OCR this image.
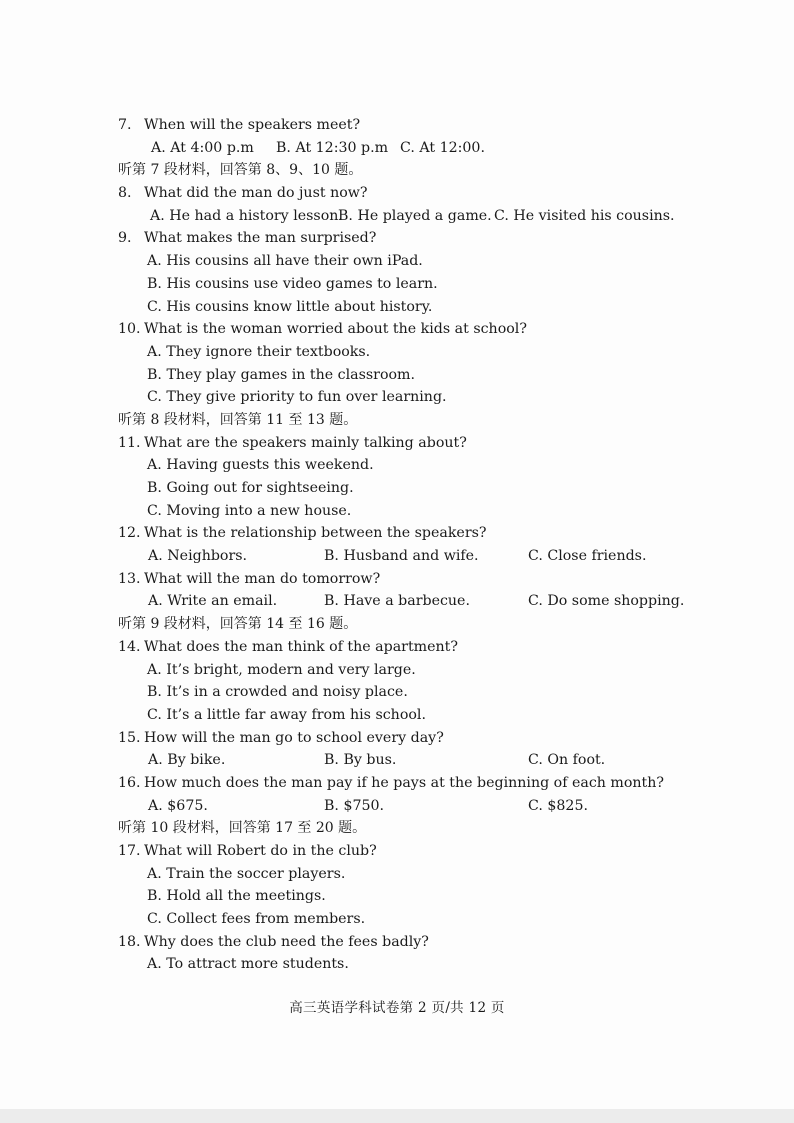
7. When will the speakers meet?
A. At 4:00 p.m B. At 12:30 p.m C. At 12:00.
听第 7 段材料，回答第 8、9、10 题。
8. What did the man do just now?
A. He had a history lesson.
B. He played a game. C. He visited his cousins.
9. What makes the man surprised?
A. His cousins all have their own iPad.
B. His cousins use video games to learn.
C. His cousins know little about history.
10. What is the woman worried about the kids at school?
A. They ignore their textbooks.
B. They play games in the classroom.
C. They give priority to fun over learning.
听第 8 段材料，回答第 11 至 13 题。
11. What are the speakers mainly talking about?
A. Having guests this weekend.
B. Going out for sightseeing.
C. Moving into a new house.
12. What is the relationship between the speakers?
A. Neighbors.	B. Husband and wife.	C. Close friends.
13. What will the man do tomorrow?
A. Write an email.	B. Have a barbecue.	C. Do some shopping.
听第 9 段材料，回答第 14 至 16 题。
14. What does the man think of the apartment?
A. It’s bright, modern and very large.
B. It’s in a crowded and noisy place.
C. It’s a little far away from his school.
15. How will the man go to school every day?
A. By bike.	B. By bus.	C. On foot.
16. How much does the man pay if he pays at the beginning of each month?
A. $675.	B. $750.	C. $825.
听第 10 段材料，回答第 17 至 20 题。
17. What will Robert do in the club?
A. Train the soccer players.
B. Hold all the meetings.
C. Collect fees from members.
18. Why does the club need the fees badly?
A. To attract more students.
高三英语学科试卷第 2 页/共 12 页
